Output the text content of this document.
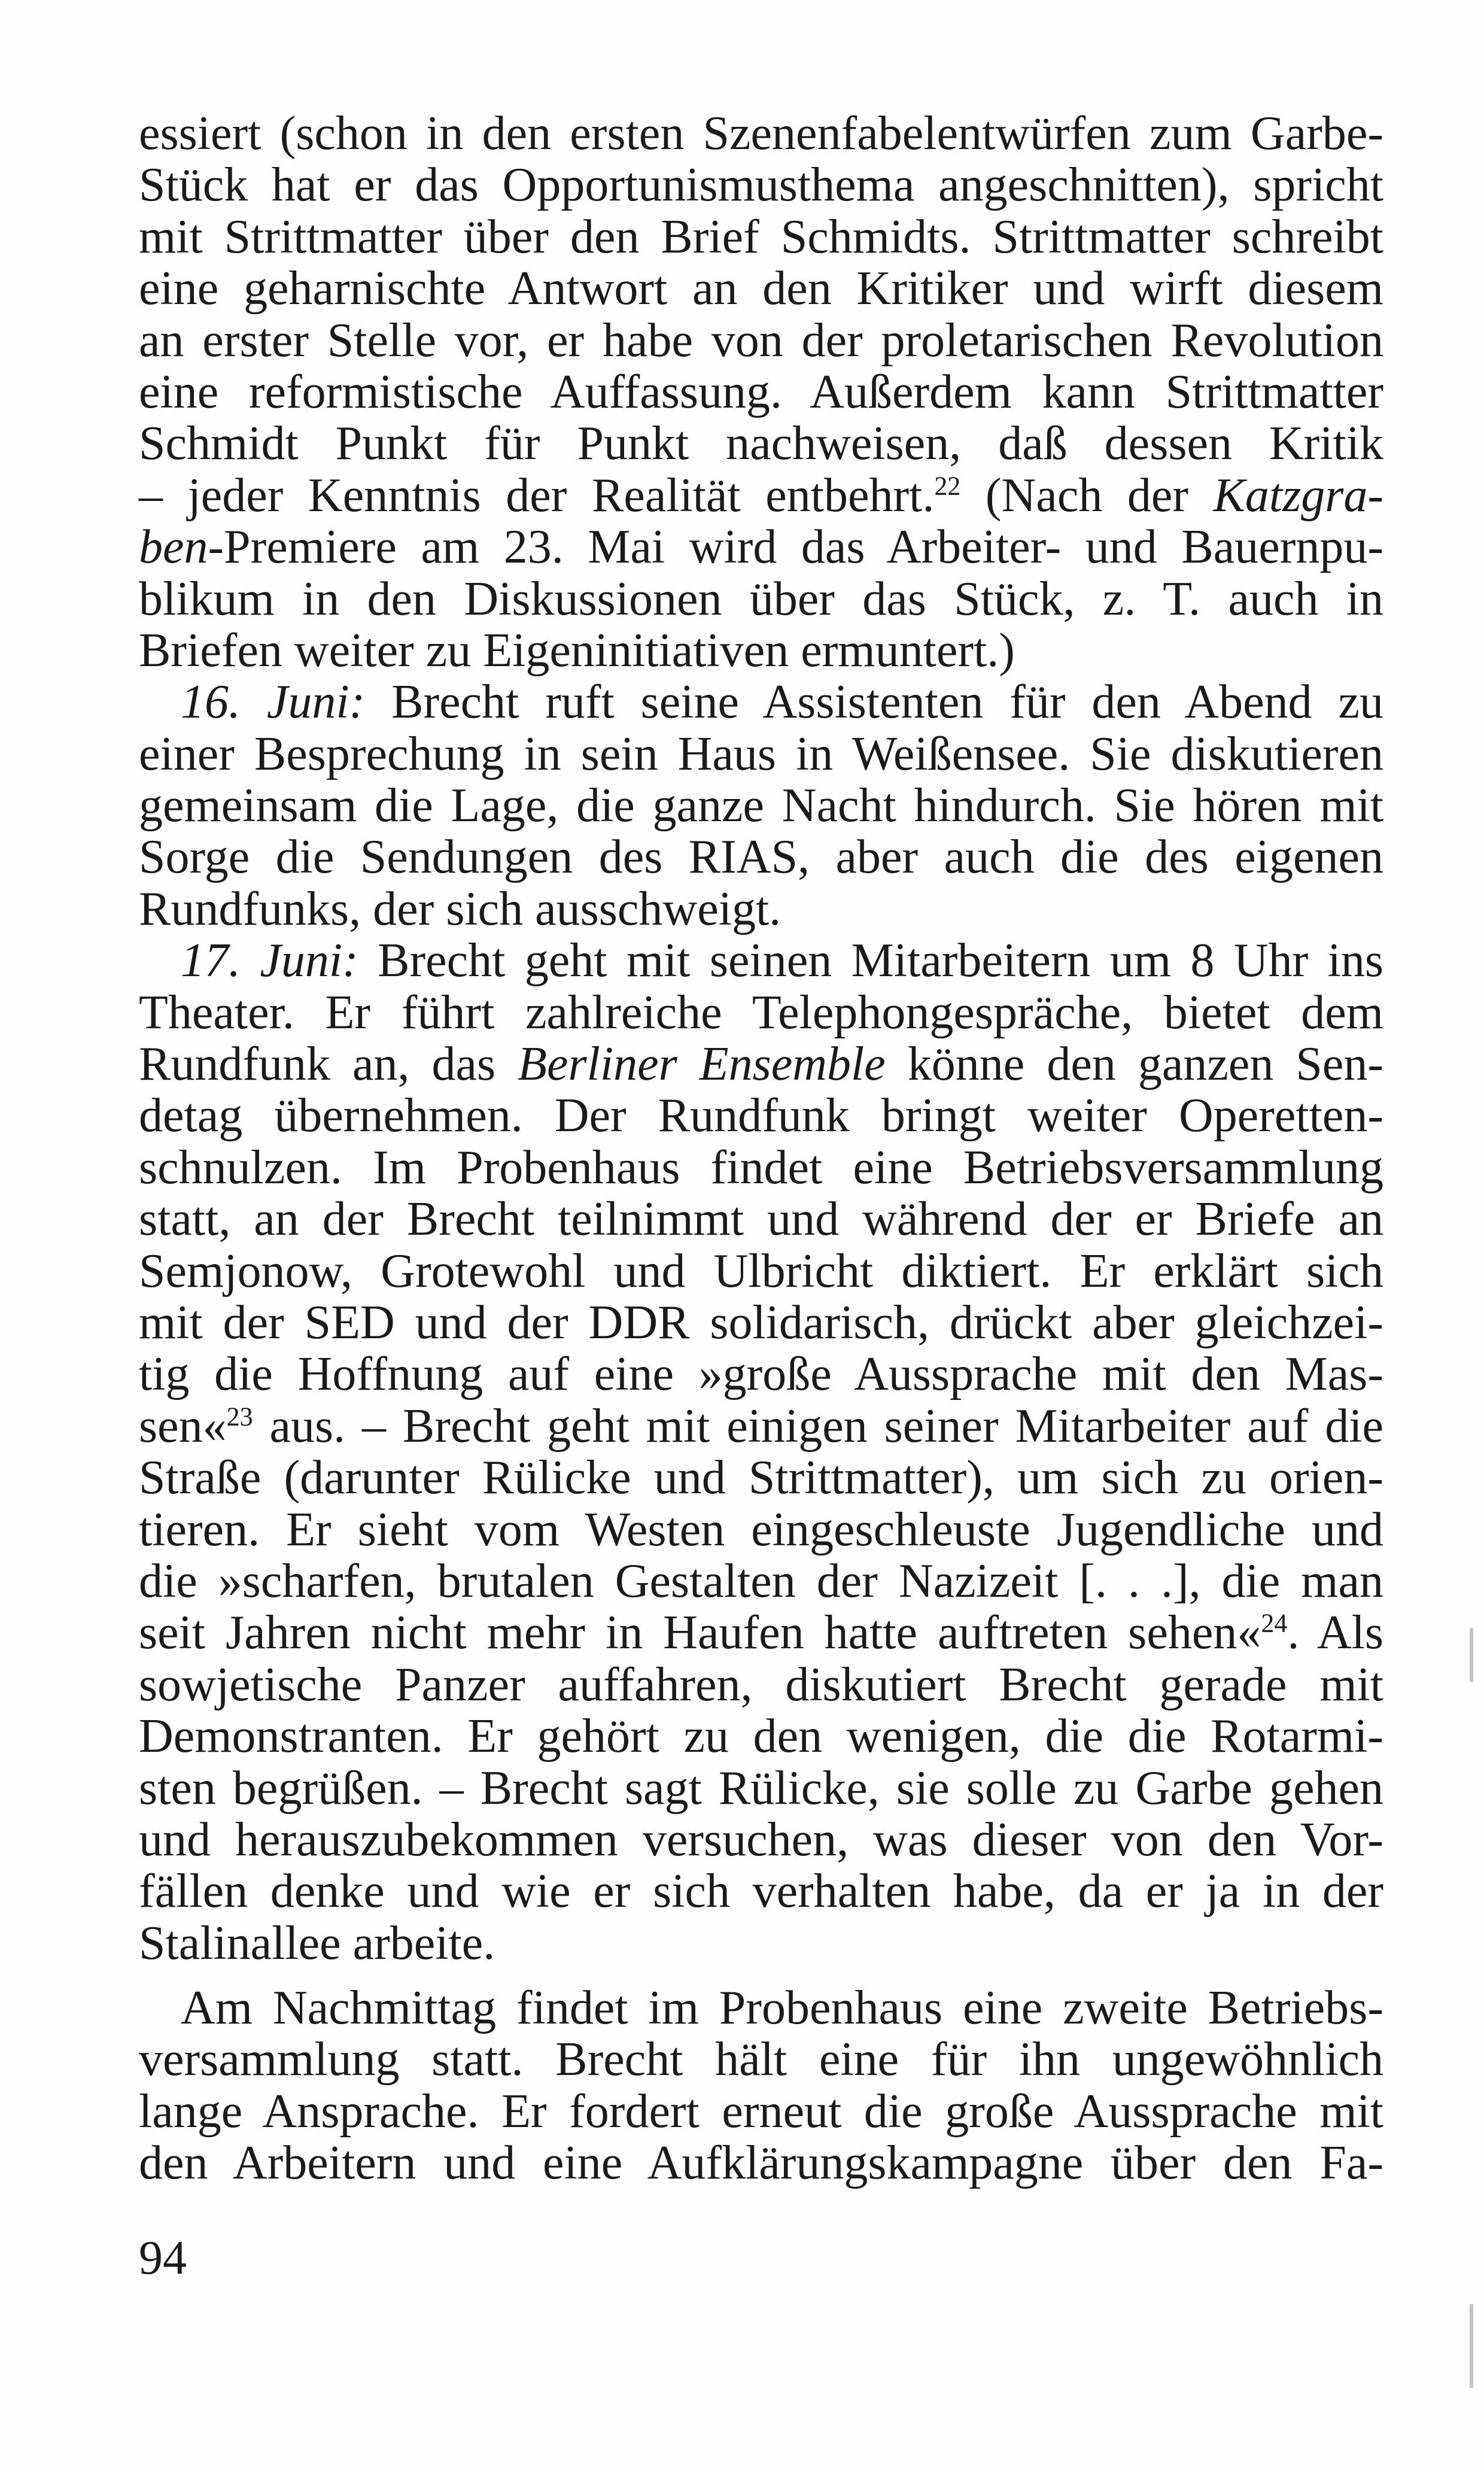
essiert (schon in den ersten Szenenfabelentwürfen zum Garbe-
Stück hat er das Opportunismusthema angeschnitten), spricht
mit Strittmatter über den Brief Schmidts. Strittmatter schreibt
eine geharnischte Antwort an den Kritiker und wirft diesem
an erster Stelle vor, er habe von der proletarischen Revolution
eine reformistische Auffassung. Außerdem kann Strittmatter
Schmidt Punkt für Punkt nachweisen, daß dessen Kritik
– jeder Kenntnis der Realität entbehrt.$^{22}$ (Nach der Katzgra-
ben-Premiere am 23. Mai wird das Arbeiter- und Bauernpu-
blikum in den Diskussionen über das Stück, z. T. auch in
Briefen weiter zu Eigeninitiativen ermuntert.)
16. Juni: Brecht ruft seine Assistenten für den Abend zu
einer Besprechung in sein Haus in Weißensee. Sie diskutieren
gemeinsam die Lage, die ganze Nacht hindurch. Sie hören mit
Sorge die Sendungen des RIAS, aber auch die des eigenen
Rundfunks, der sich ausschweigt.
17. Juni: Brecht geht mit seinen Mitarbeitern um 8 Uhr ins
Theater. Er führt zahlreiche Telephongespräche, bietet dem
Rundfunk an, das Berliner Ensemble könne den ganzen Sen-
detag übernehmen. Der Rundfunk bringt weiter Operetten-
schnulzen. Im Probenhaus findet eine Betriebsversammlung
statt, an der Brecht teilnimmt und während der er Briefe an
Semjonow, Grotewohl und Ulbricht diktiert. Er erklärt sich
mit der SED und der DDR solidarisch, drückt aber gleichzei-
tig die Hoffnung auf eine »große Aussprache mit den Mas-
sen«$^{23}$ aus. – Brecht geht mit einigen seiner Mitarbeiter auf die
Straße (darunter Rülicke und Strittmatter), um sich zu orien-
tieren. Er sieht vom Westen eingeschleuste Jugendliche und
die »scharfen, brutalen Gestalten der Nazizeit [. . .], die man
seit Jahren nicht mehr in Haufen hatte auftreten sehen«$^{24}$. Als
sowjetische Panzer auffahren, diskutiert Brecht gerade mit
Demonstranten. Er gehört zu den wenigen, die die Rotarmi-
sten begrüßen. – Brecht sagt Rülicke, sie solle zu Garbe gehen
und herauszubekommen versuchen, was dieser von den Vor-
fällen denke und wie er sich verhalten habe, da er ja in der
Stalinallee arbeite.
Am Nachmittag findet im Probenhaus eine zweite Betriebs-
versammlung statt. Brecht hält eine für ihn ungewöhnlich
lange Ansprache. Er fordert erneut die große Aussprache mit
den Arbeitern und eine Aufklärungskampagne über den Fa-
94
